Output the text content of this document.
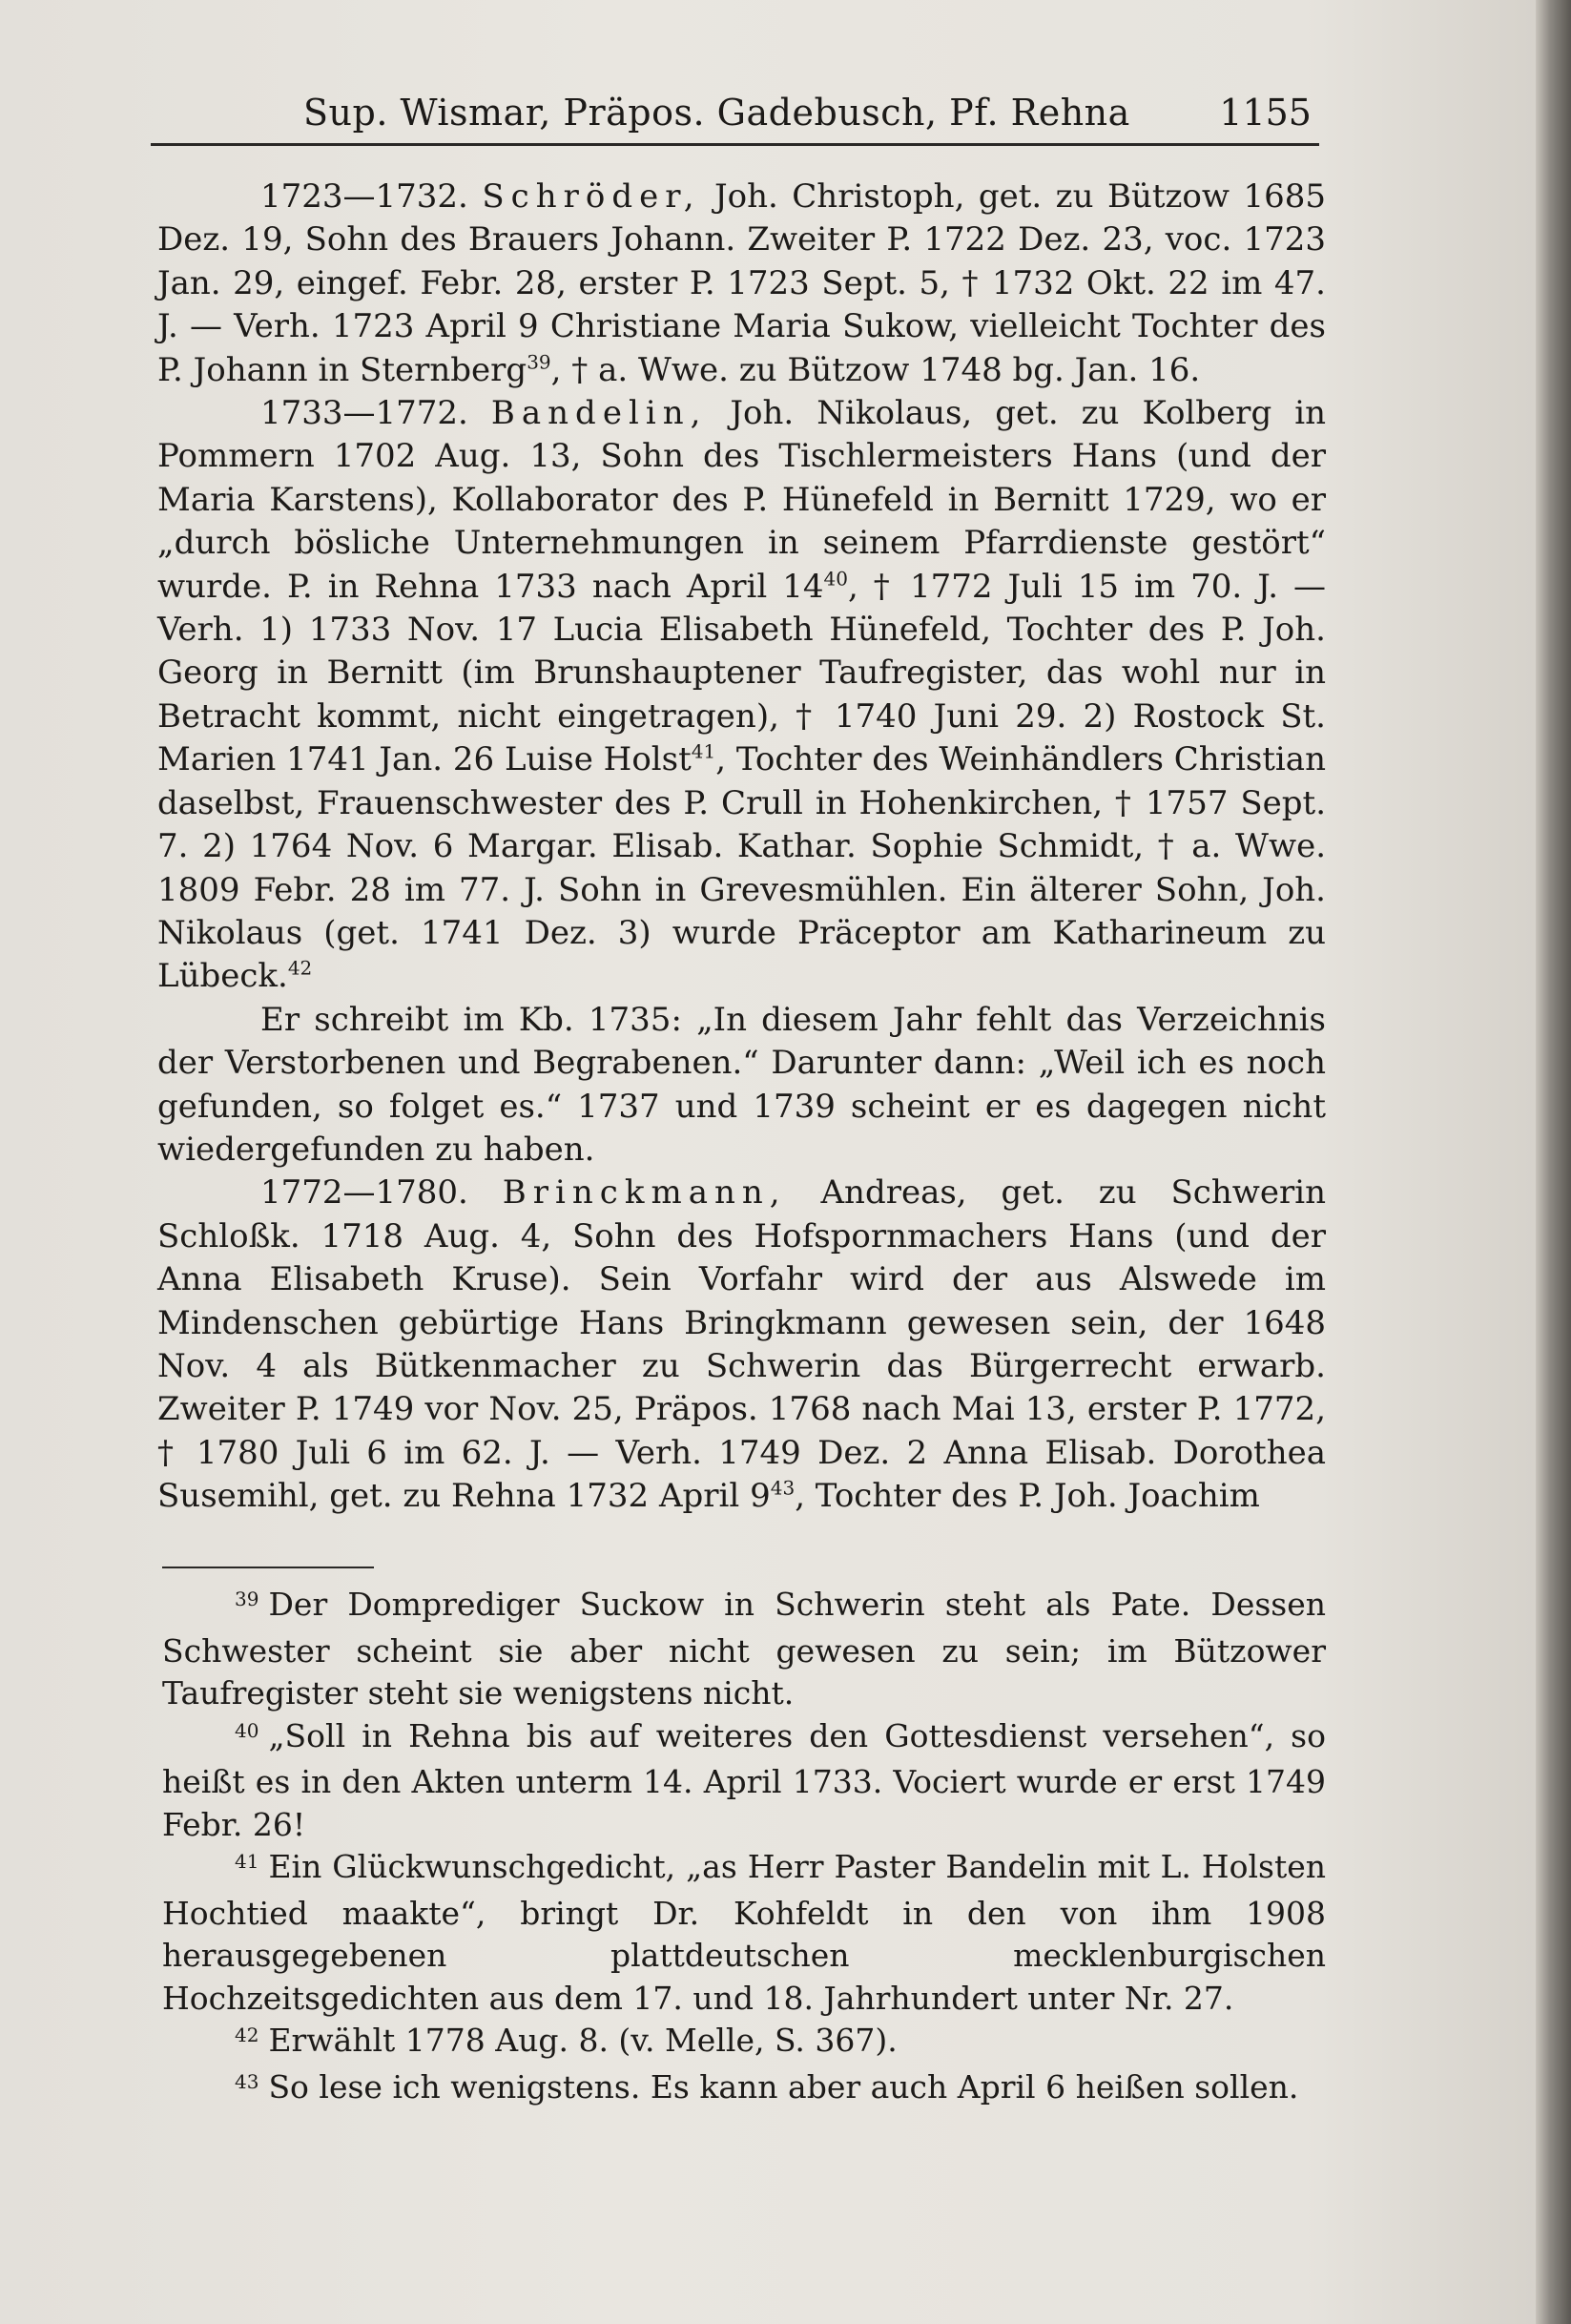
Sup. Wismar, Präpos. Gadebusch, Pf. Rehna 1155

1723—1732. Schröder, Joh. Christoph, get. zu Bützow 1685 Dez. 19, Sohn des Brauers Johann. Zweiter P. 1722 Dez. 23, voc. 1723 Jan. 29, eingef. Febr. 28, erster P. 1723 Sept. 5, † 1732 Okt. 22 im 47. J. — Verh. 1723 April 9 Christiane Maria Sukow, vielleicht Tochter des P. Johann in Sternberg$^{39}$, † a. Wwe. zu Bützow 1748 bg. Jan. 16.

1733—1772. Bandelin, Joh. Nikolaus, get. zu Kolberg in Pommern 1702 Aug. 13, Sohn des Tischlermeisters Hans (und der Maria Karstens), Kollaborator des P. Hünefeld in Bernitt 1729, wo er „durch bösliche Unternehmungen in seinem Pfarrdienste gestört“ wurde. P. in Rehna 1733 nach April $14^{40}$, † 1772 Juli 15 im 70. J. — Verh. 1) 1733 Nov. 17 Lucia Elisabeth Hünefeld, Tochter des P. Joh. Georg in Bernitt (im Brunshauptener Taufregister, das wohl nur in Betracht kommt, nicht eingetragen), † 1740 Juni 29. 2) Rostock St. Marien 1741 Jan. 26 Luise Holst$^{41}$, Tochter des Weinhändlers Christian daselbst, Frauenschwester des P. Crull in Hohenkirchen, † 1757 Sept. 7. 2) 1764 Nov. 6 Margar. Elisab. Kathar. Sophie Schmidt, † a. Wwe. 1809 Febr. 28 im 77. J. Sohn in Grevesmühlen. Ein älterer Sohn, Joh. Nikolaus (get. 1741 Dez. 3) wurde Präceptor am Katharineum zu Lübeck.$^{42}$

Er schreibt im Kb. 1735: „In diesem Jahr fehlt das Verzeichnis der Verstorbenen und Begrabenen.“ Darunter dann: „Weil ich es noch gefunden, so folget es.“ 1737 und 1739 scheint er es dagegen nicht wiedergefunden zu haben.

1772—1780. Brinckmann, Andreas, get. zu Schwerin Schloßk. 1718 Aug. 4, Sohn des Hofspornmachers Hans (und der Anna Elisabeth Kruse). Sein Vorfahr wird der aus Alswede im Mindenschen gebürtige Hans Bringkmann gewesen sein, der 1648 Nov. 4 als Bütkenmacher zu Schwerin das Bürgerrecht erwarb. Zweiter P. 1749 vor Nov. 25, Präpos. 1768 nach Mai 13, erster P. 1772, † 1780 Juli 6 im 62. J. — Verh. 1749 Dez. 2 Anna Elisab. Dorothea Susemihl, get. zu Rehna 1732 April $9^{43}$, Tochter des P. Joh. Joachim

$^{39}$ Der Domprediger Suckow in Schwerin steht als Pate. Dessen Schwester scheint sie aber nicht gewesen zu sein; im Bützower Taufregister steht sie wenigstens nicht.

$^{40}$ „Soll in Rehna bis auf weiteres den Gottesdienst versehen“, so heißt es in den Akten unterm 14. April 1733. Vociert wurde er erst 1749 Febr. 26!

$^{41}$ Ein Glückwunschgedicht, „as Herr Paster Bandelin mit L. Holsten Hochtied maakte“, bringt Dr. Kohfeldt in den von ihm 1908 herausgegebenen plattdeutschen mecklenburgischen Hochzeitsgedichten aus dem 17. und 18. Jahrhundert unter Nr. 27.

$^{42}$ Erwählt 1778 Aug. 8. (v. Melle, S. 367).

$^{43}$ So lese ich wenigstens. Es kann aber auch April 6 heißen sollen.
